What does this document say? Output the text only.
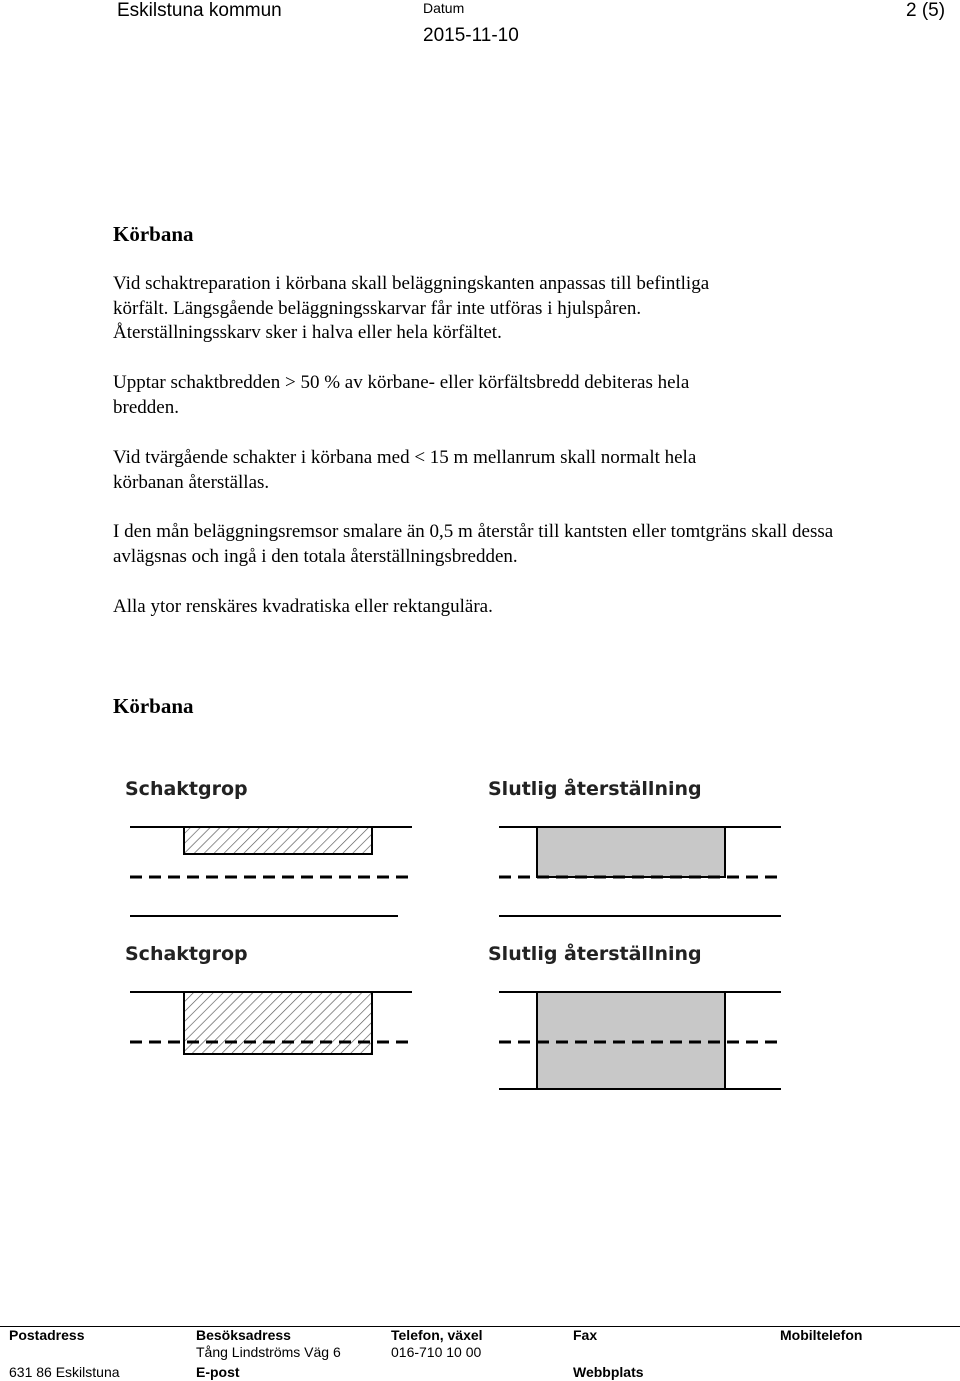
Eskilstuna kommun	Datum
2015-11-10
2 (5)
Körbana
Vid schaktreparation i körbana skall beläggningskanten anpassas till befintliga
körfält. Längsgående beläggningsskarvar får inte utföras i hjulspåren.
Återställningsskarv sker i halva eller hela körfältet.
Upptar schaktbredden > 50 % av körbane- eller körfältsbredd debiteras hela
bredden.
Vid tvärgående schakter i körbana med < 15 m mellanrum skall normalt hela
körbanan återställas.
I den mån beläggningsremsor smalare än 0,5 m återstår till kantsten eller tomtgräns skall dessa
avlägsnas och ingå i den totala återställningsbredden.
Alla ytor renskäres kvadratiska eller rektangulära.
Körbana
Schaktgrop	Slutlig återställning
Schaktgrop	Slutlig återställning
Postadress
631 86 Eskilstuna
Besöksadress
Tång Lindströms Väg 6
E-post
Telefon, växel
016-710 10 00
Fax
Webbplats
Mobiltelefon
